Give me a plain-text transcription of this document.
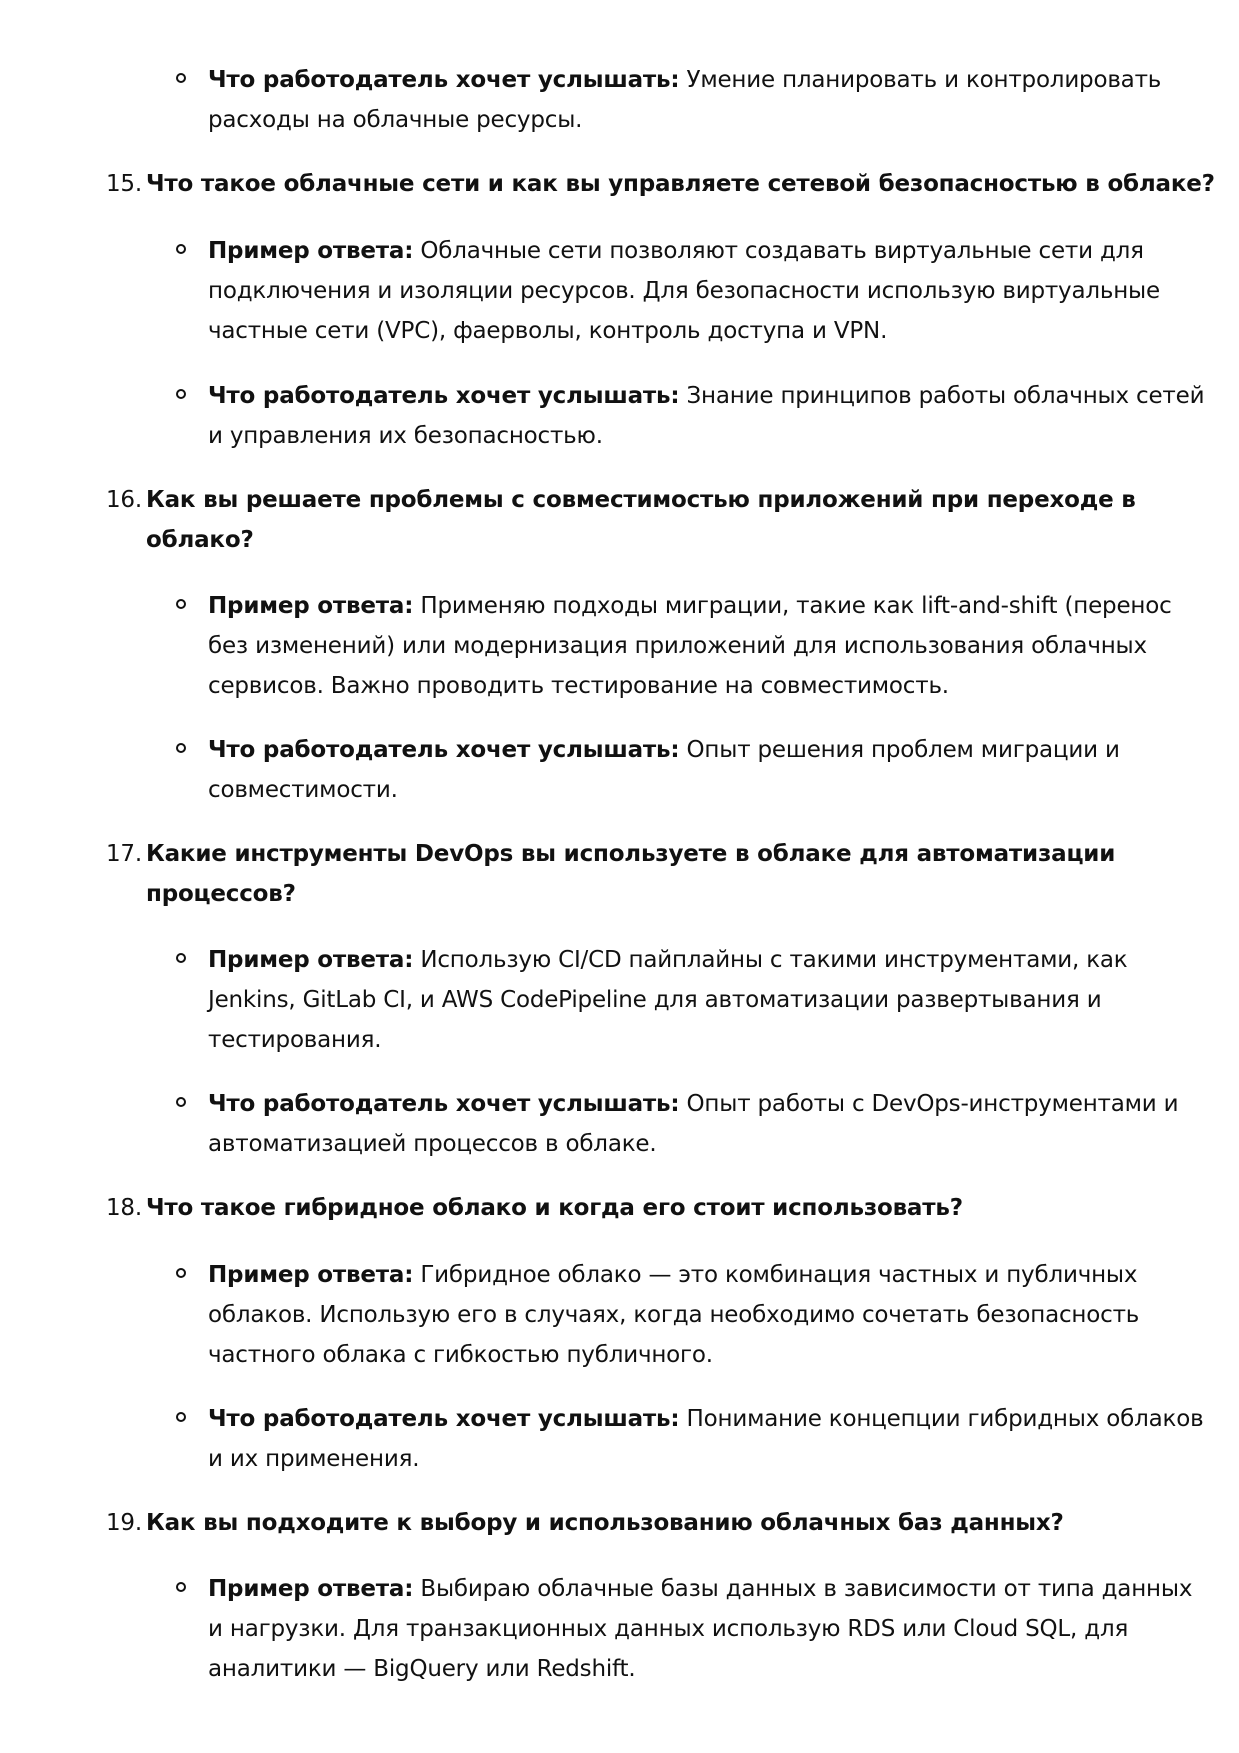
Что работодатель хочет услышать: Умение планировать и контролировать
расходы на облачные ресурсы.
15. Что такое облачные сети и как вы управляете сетевой безопасностью в облаке?
Пример ответа: Облачные сети позволяют создавать виртуальные сети для
подключения и изоляции ресурсов. Для безопасности использую виртуальные
частные сети (VPC), фаерволы, контроль доступа и VPN.
Что работодатель хочет услышать: Знание принципов работы облачных сетей
и управления их безопасностью.
16. Как вы решаете проблемы с совместимостью приложений при переходе в
облако?
Пример ответа: Применяю подходы миграции, такие как lift-and-shift (перенос
без изменений) или модернизация приложений для использования облачных
сервисов. Важно проводить тестирование на совместимость.
Что работодатель хочет услышать: Опыт решения проблем миграции и
совместимости.
17. Какие инструменты DevOps вы используете в облаке для автоматизации
процессов?
Пример ответа: Использую CI/CD пайплайны с такими инструментами, как
Jenkins, GitLab CI, и AWS CodePipeline для автоматизации развертывания и
тестирования.
Что работодатель хочет услышать: Опыт работы с DevOps-инструментами и
автоматизацией процессов в облаке.
18. Что такое гибридное облако и когда его стоит использовать?
Пример ответа: Гибридное облако — это комбинация частных и публичных
облаков. Использую его в случаях, когда необходимо сочетать безопасность
частного облака с гибкостью публичного.
Что работодатель хочет услышать: Понимание концепции гибридных облаков
и их применения.
19. Как вы подходите к выбору и использованию облачных баз данных?
Пример ответа: Выбираю облачные базы данных в зависимости от типа данных
и нагрузки. Для транзакционных данных использую RDS или Cloud SQL, для
аналитики — BigQuery или Redshift.
